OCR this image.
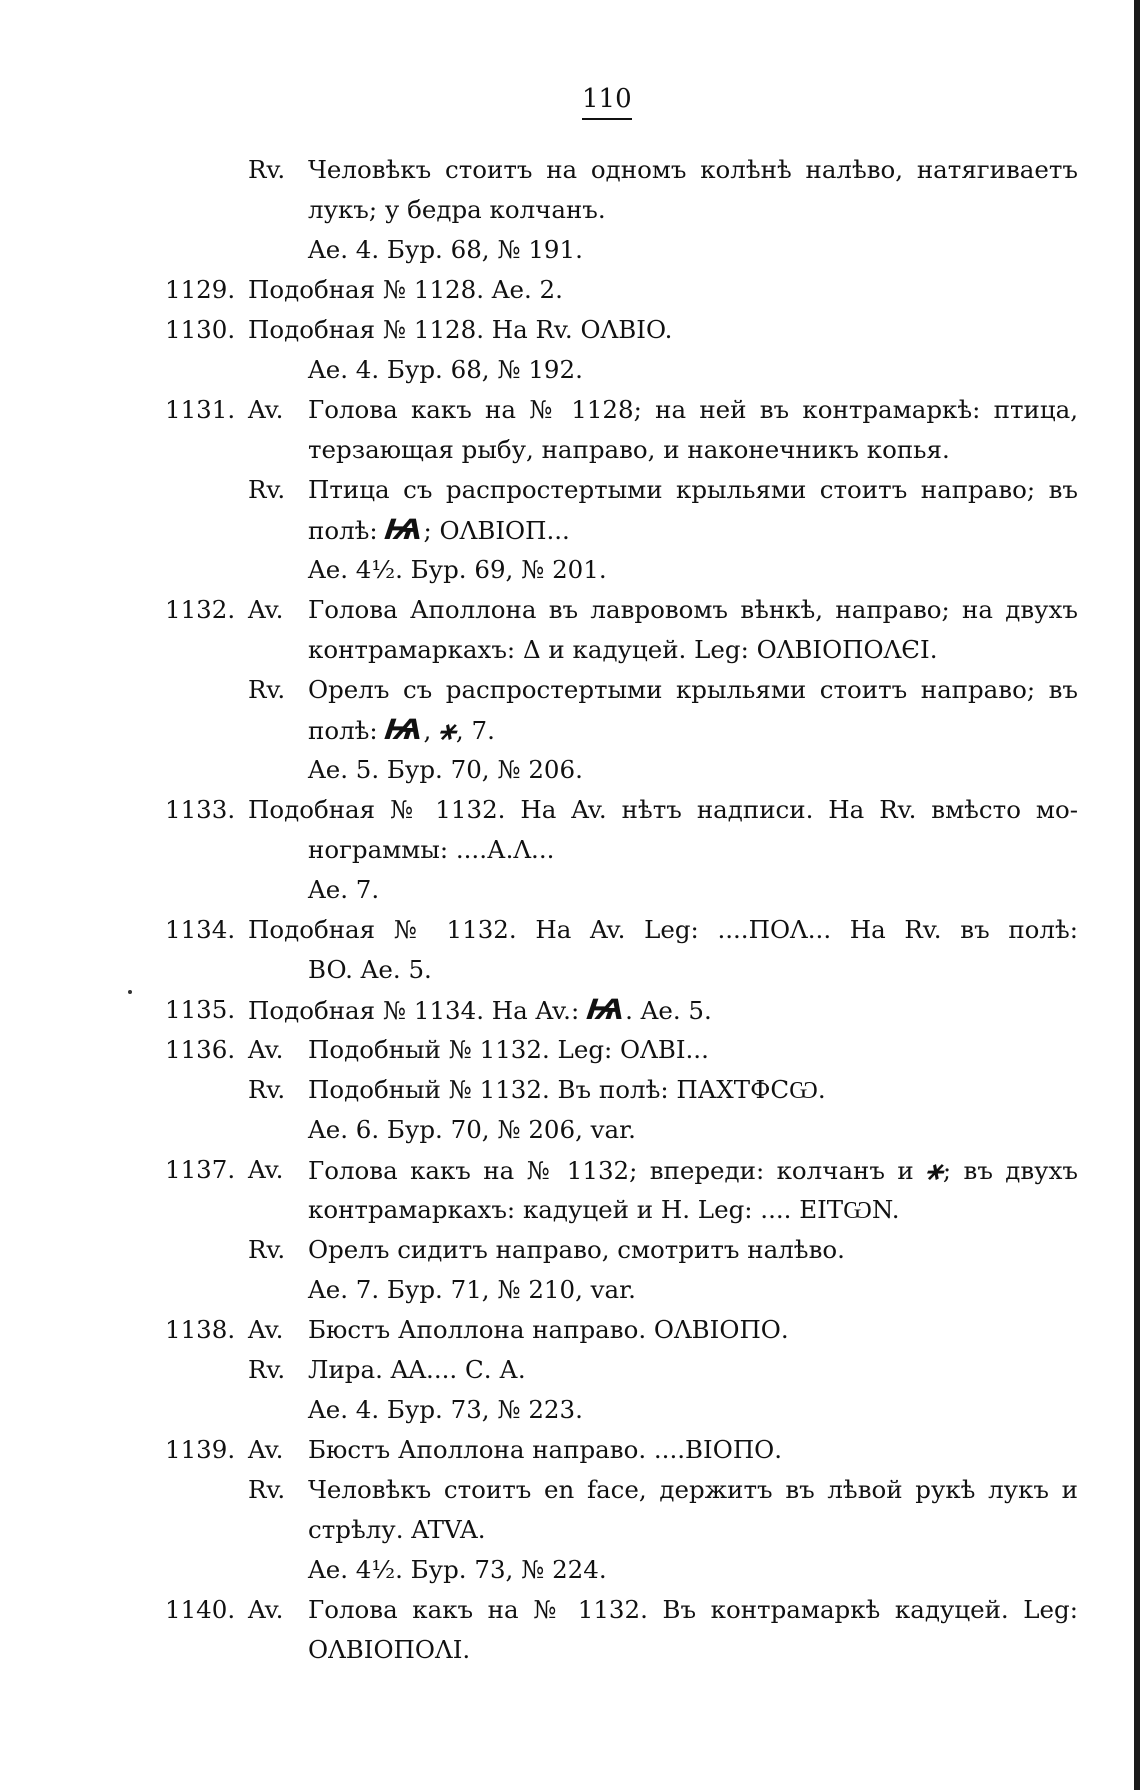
110
Rv. Человѣкъ стоитъ на одномъ колѣнѣ налѣво, натягиваетъ
лукъ; у бедра колчанъ.
Ae. 4. Бур. 68, № 191.
1129. Подобная № 1128. Ae. 2.
1130. Подобная № 1128. На Rv. ОΛBIO.
Ae. 4. Бур. 68, № 192.
1131. Av. Голова какъ на № 1128; на ней въ контрамаркѣ: птица,
терзающая рыбу, направо, и наконечникъ копья.
Rv. Птица съ распростертыми крыльями стоитъ направо; въ
полѣ: Ѩ; ОΛBIOП...
Ae. 4½. Бур. 69, № 201.
1132. Av. Голова Аполлона въ лавровомъ вѣнкѣ, направо; на двухъ
контрамаркахъ: Δ и кадуцей. Leg: ОΛBIOПОΛЄI.
Rv. Орелъ съ распростертыми крыльями стоитъ направо; въ
полѣ: Ѩ, ⚹, 7.
Ae. 5. Бур. 70, № 206.
1133. Подобная № 1132. На Av. нѣтъ надписи. На Rv. вмѣсто мо-
нограммы: ....А.Λ...
Ae. 7.
1134. Подобная № 1132. На Av. Leg: ....ПОΛ... На Rv. въ полѣ:
BO. Ae. 5.
1135. Подобная № 1134. На Av.: Ѩ. Ae. 5.
1136. Av. Подобный № 1132. Leg: ОΛBI...
Rv. Подобный № 1132. Въ полѣ: ПАΧTФCѠ.
Ae. 6. Бур. 70, № 206, var.
1137. Av. Голова какъ на № 1132; впереди: колчанъ и ⚹; въ двухъ
контрамаркахъ: кадуцей и H. Leg: .... EITѠN.
Rv. Орелъ сидитъ направо, смотритъ налѣво.
Ae. 7. Бур. 71, № 210, var.
1138. Av. Бюстъ Аполлона направо. ОΛBIOПО.
Rv. Лира. AA.... С. А.
Ae. 4. Бур. 73, № 223.
1139. Av. Бюстъ Аполлона направо. ....BIOПО.
Rv. Человѣкъ стоитъ en face, держитъ въ лѣвой рукѣ лукъ и
стрѣлу. ATVA.
Ae. 4½. Бур. 73, № 224.
1140. Av. Голова какъ на № 1132. Въ контрамаркѣ кадуцей. Leg:
ОΛBIOПОΛI.
